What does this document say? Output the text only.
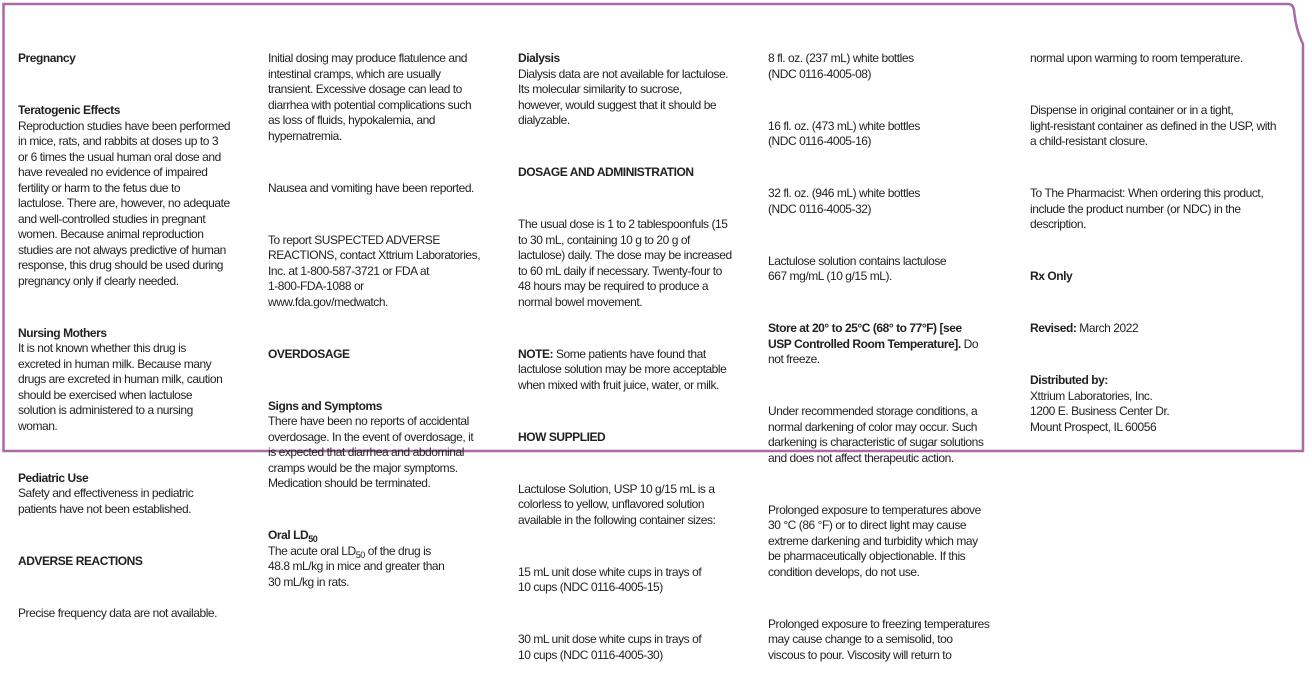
Pregnancy

Teratogenic Effects
Reproduction studies have been performed
in mice, rats, and rabbits at doses up to 3
or 6 times the usual human oral dose and
have revealed no evidence of impaired
fertility or harm to the fetus due to
lactulose. There are, however, no adequate
and well-controlled studies in pregnant
women. Because animal reproduction
studies are not always predictive of human
response, this drug should be used during
pregnancy only if clearly needed.

Nursing Mothers
It is not known whether this drug is
excreted in human milk. Because many
drugs are excreted in human milk, caution
should be exercised when lactulose
solution is administered to a nursing
woman.

Pediatric Use
Safety and effectiveness in pediatric
patients have not been established.

ADVERSE REACTIONS

Precise frequency data are not available.

Initial dosing may produce flatulence and
intestinal cramps, which are usually
transient. Excessive dosage can lead to
diarrhea with potential complications such
as loss of fluids, hypokalemia, and
hypernatremia.

Nausea and vomiting have been reported.

To report SUSPECTED ADVERSE
REACTIONS, contact Xttrium Laboratories,
Inc. at 1-800-587-3721 or FDA at
1-800-FDA-1088 or
www.fda.gov/medwatch.

OVERDOSAGE

Signs and Symptoms
There have been no reports of accidental
overdosage. In the event of overdosage, it
is expected that diarrhea and abdominal
cramps would be the major symptoms.
Medication should be terminated.

Oral $LD_{50}$
The acute oral $LD_{50}$ of the drug is
48.8 mL/kg in mice and greater than
30 mL/kg in rats.

Dialysis
Dialysis data are not available for lactulose.
Its molecular similarity to sucrose,
however, would suggest that it should be
dialyzable.

DOSAGE AND ADMINISTRATION

The usual dose is 1 to 2 tablespoonfuls (15
to 30 mL, containing 10 g to 20 g of
lactulose) daily. The dose may be increased
to 60 mL daily if necessary. Twenty-four to
48 hours may be required to produce a
normal bowel movement.

NOTE: Some patients have found that
lactulose solution may be more acceptable
when mixed with fruit juice, water, or milk.

HOW SUPPLIED

Lactulose Solution, USP 10 g/15 mL is a
colorless to yellow, unflavored solution
available in the following container sizes:

15 mL unit dose white cups in trays of
10 cups (NDC 0116-4005-15)

30 mL unit dose white cups in trays of
10 cups (NDC 0116-4005-30)

8 fl. oz. (237 mL) white bottles
(NDC 0116-4005-08)

16 fl. oz. (473 mL) white bottles
(NDC 0116-4005-16)

32 fl. oz. (946 mL) white bottles
(NDC 0116-4005-32)

Lactulose solution contains lactulose
667 mg/mL (10 g/15 mL).

Store at 20° to 25°C (68° to 77°F) [see
USP Controlled Room Temperature]. Do
not freeze.

Under recommended storage conditions, a
normal darkening of color may occur. Such
darkening is characteristic of sugar solutions
and does not affect therapeutic action.

Prolonged exposure to temperatures above
30 °C (86 °F) or to direct light may cause
extreme darkening and turbidity which may
be pharmaceutically objectionable. If this
condition develops, do not use.

Prolonged exposure to freezing temperatures
may cause change to a semisolid, too
viscous to pour. Viscosity will return to

normal upon warming to room temperature.

Dispense in original container or in a tight,
light-resistant container as defined in the USP, with
a child-resistant closure.

To The Pharmacist: When ordering this product,
include the product number (or NDC) in the
description.

Rx Only

Revised: March 2022

Distributed by:
Xttrium Laboratories, Inc.
1200 E. Business Center Dr.
Mount Prospect, IL 60056
